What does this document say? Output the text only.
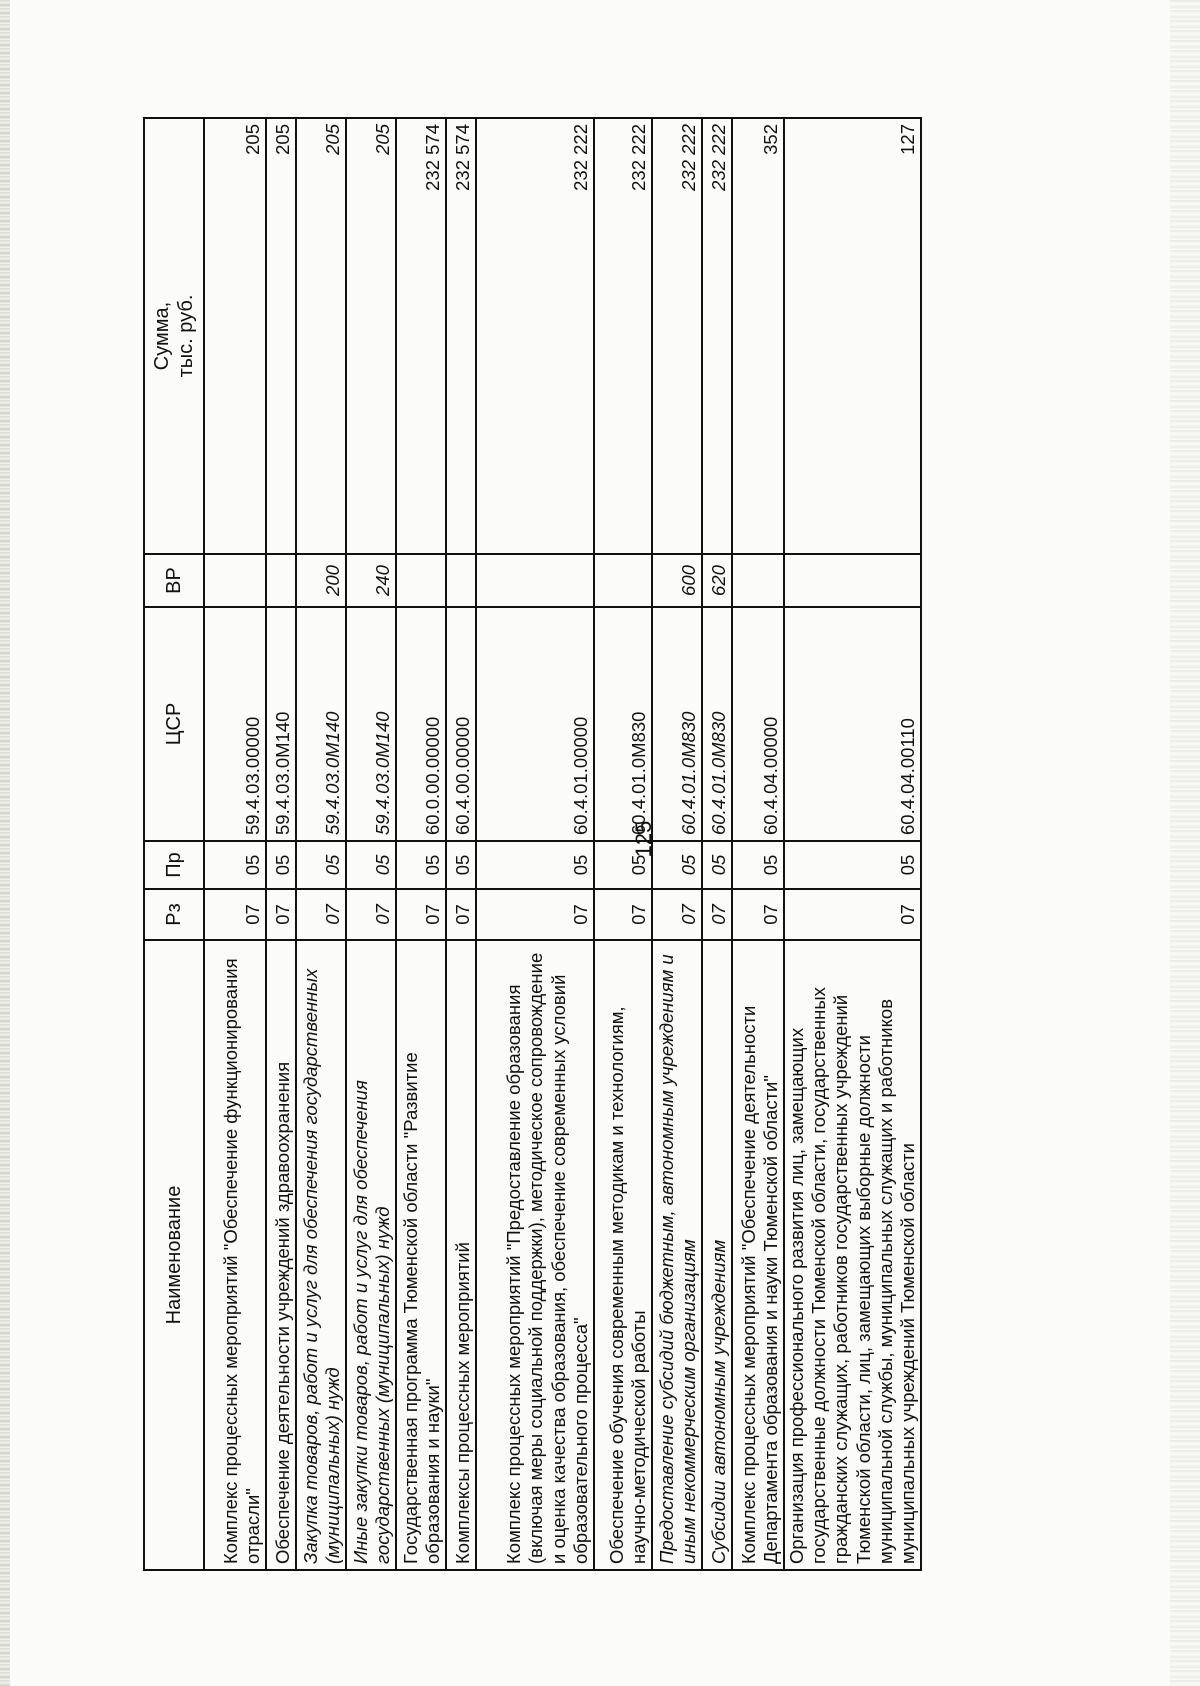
125
Наименование	Рз	Пр	ЦСР	ВР	Сумма, тыс. руб.
Комплекс процессных мероприятий "Обеспечение функционирования отрасли"	07	05	59.4.03.00000		205
Обеспечение деятельности учреждений здравоохранения	07	05	59.4.03.0М140		205
Закупка товаров, работ и услуг для обеспечения государственных (муниципальных) нужд	07	05	59.4.03.0М140	200	205
Иные закупки товаров, работ и услуг для обеспечения государственных (муниципальных) нужд	07	05	59.4.03.0М140	240	205
Государственная программа Тюменской области "Развитие образования и науки"	07	05	60.0.00.00000		232 574
Комплексы процессных мероприятий	07	05	60.4.00.00000		232 574
Комплекс процессных мероприятий "Предоставление образования (включая меры социальной поддержки), методическое сопровождение и оценка качества образования, обеспечение современных условий образовательного процесса"	07	05	60.4.01.00000		232 222
Обеспечение обучения современным методикам и технологиям, научно-методической работы	07	05	60.4.01.0М830		232 222
Предоставление субсидий бюджетным, автономным учреждениям и иным некоммерческим организациям	07	05	60.4.01.0М830	600	232 222
Субсидии автономным учреждениям	07	05	60.4.01.0М830	620	232 222
Комплекс процессных мероприятий "Обеспечение деятельности Департамента образования и науки Тюменской области"	07	05	60.4.04.00000		352
Организация профессионального развития лиц, замещающих государственные должности Тюменской области, государственных гражданских служащих, работников государственных учреждений Тюменской области, лиц, замещающих выборные должности муниципальной службы, муниципальных служащих и работников муниципальных учреждений Тюменской области	07	05	60.4.04.00110		127
